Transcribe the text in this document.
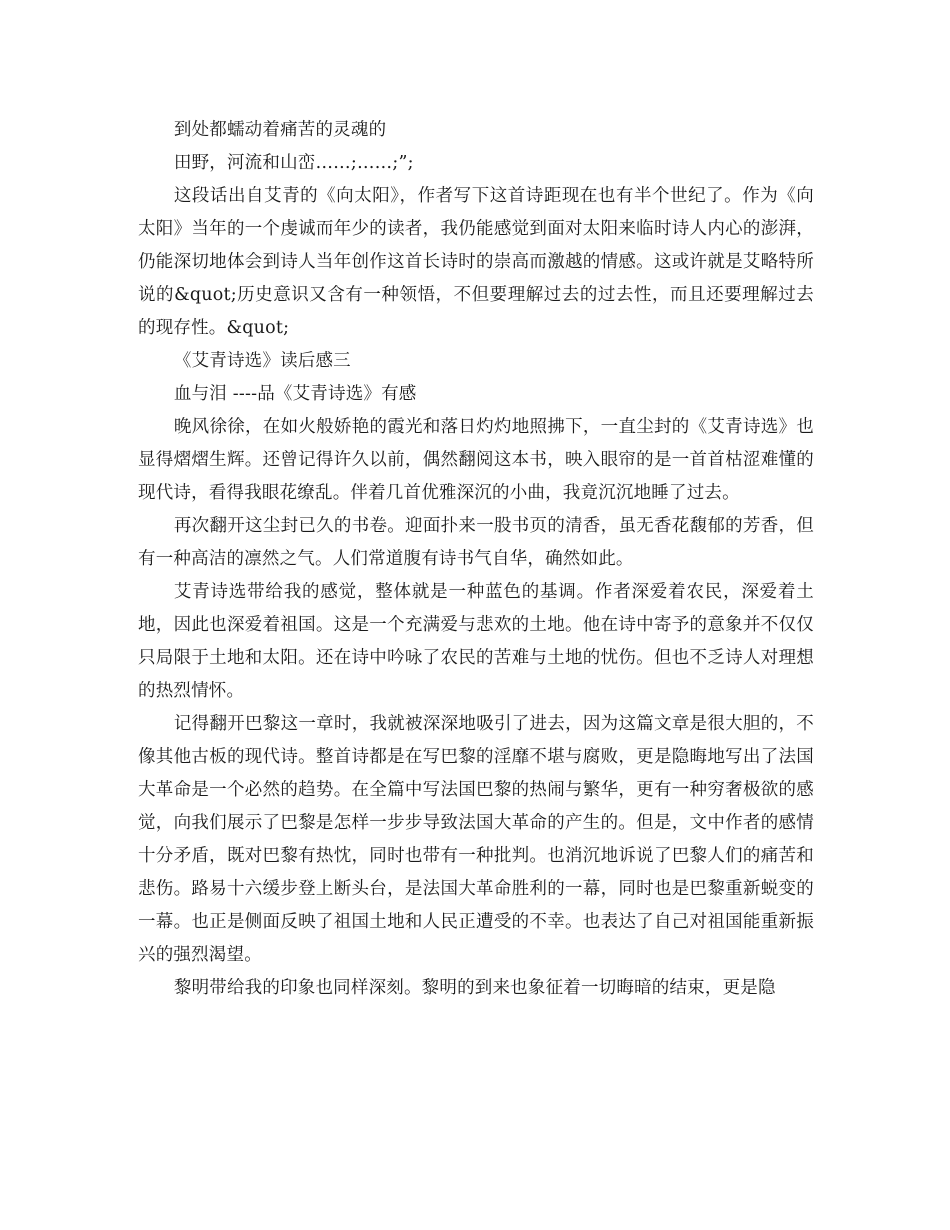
到处都蠕动着痛苦的灵魂的

田野，河流和山峦……;……;”;

这段话出自艾青的《向太阳》，作者写下这首诗距现在也有半个世纪了。作为《向太阳》当年的一个虔诚而年少的读者，我仍能感觉到面对太阳来临时诗人内心的澎湃，仍能深切地体会到诗人当年创作这首长诗时的崇高而激越的情感。这或许就是艾略特所说的&quot;历史意识又含有一种领悟，不但要理解过去的过去性，而且还要理解过去的现存性。&quot;

《艾青诗选》读后感三

血与泪 ----品《艾青诗选》有感

晚风徐徐，在如火般娇艳的霞光和落日灼灼地照拂下，一直尘封的《艾青诗选》也显得熠熠生辉。还曾记得许久以前，偶然翻阅这本书，映入眼帘的是一首首枯涩难懂的现代诗，看得我眼花缭乱。伴着几首优雅深沉的小曲，我竟沉沉地睡了过去。

再次翻开这尘封已久的书卷。迎面扑来一股书页的清香，虽无香花馥郁的芳香，但有一种高洁的凛然之气。人们常道腹有诗书气自华，确然如此。

艾青诗选带给我的感觉，整体就是一种蓝色的基调。作者深爱着农民，深爱着土地，因此也深爱着祖国。这是一个充满爱与悲欢的土地。他在诗中寄予的意象并不仅仅只局限于土地和太阳。还在诗中吟咏了农民的苦难与土地的忧伤。但也不乏诗人对理想的热烈情怀。

记得翻开巴黎这一章时，我就被深深地吸引了进去，因为这篇文章是很大胆的，不像其他古板的现代诗。整首诗都是在写巴黎的淫靡不堪与腐败，更是隐晦地写出了法国大革命是一个必然的趋势。在全篇中写法国巴黎的热闹与繁华，更有一种穷奢极欲的感觉，向我们展示了巴黎是怎样一步步导致法国大革命的产生的。但是，文中作者的感情十分矛盾，既对巴黎有热忱，同时也带有一种批判。也消沉地诉说了巴黎人们的痛苦和悲伤。路易十六缓步登上断头台，是法国大革命胜利的一幕，同时也是巴黎重新蜕变的一幕。也正是侧面反映了祖国土地和人民正遭受的不幸。也表达了自己对祖国能重新振兴的强烈渴望。

黎明带给我的印象也同样深刻。黎明的到来也象征着一切晦暗的结束，更是隐
